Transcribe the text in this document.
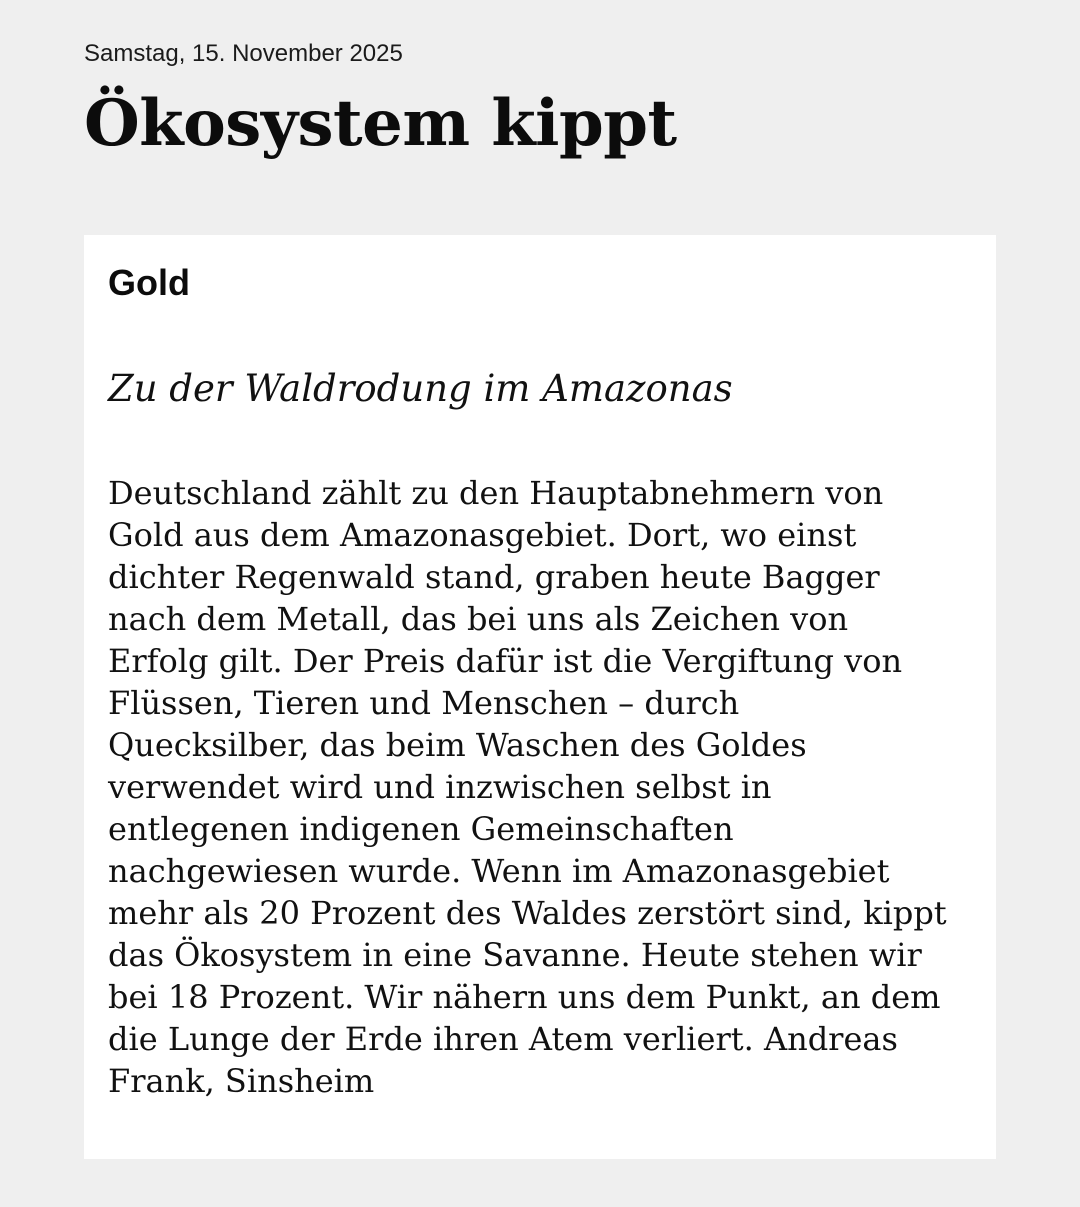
Samstag, 15. November 2025

Ökosystem kippt

Gold

Zu der Waldrodung im Amazonas

Deutschland zählt zu den Hauptabnehmern von Gold aus dem Amazonasgebiet. Dort, wo einst dichter Regenwald stand, graben heute Bagger nach dem Metall, das bei uns als Zeichen von Erfolg gilt. Der Preis dafür ist die Vergiftung von Flüssen, Tieren und Menschen – durch Quecksilber, das beim Waschen des Goldes verwendet wird und inzwischen selbst in entlegenen indigenen Gemeinschaften nachgewiesen wurde. Wenn im Amazonasgebiet mehr als 20 Prozent des Waldes zerstört sind, kippt das Ökosystem in eine Savanne. Heute stehen wir bei 18 Prozent. Wir nähern uns dem Punkt, an dem die Lunge der Erde ihren Atem verliert. Andreas Frank, Sinsheim
